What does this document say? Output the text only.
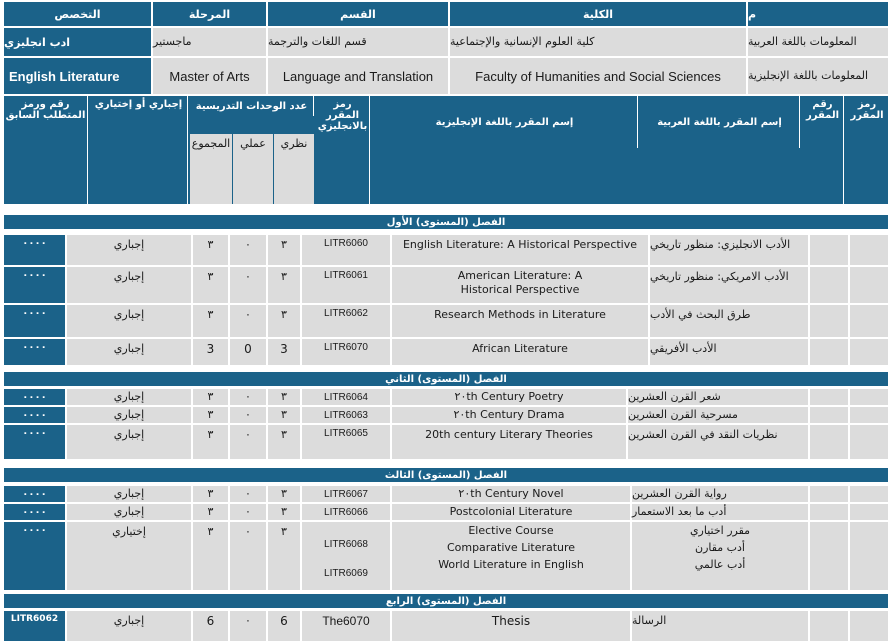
م
الكلية
القسم
المرحلة
التخصص
المعلومات باللغة العربية
كلية العلوم الإنسانية والإجتماعية
قسم اللغات والترجمة
ماجستير
ادب انجليزي
المعلومات باللغة الإنجليزية
Faculty of Humanities and Social Sciences
Language and Translation
Master of Arts
English Literature
رمز المقرر
رقم المقرر
إسم المقرر باللغة العربية
إسم المقرر باللغة الإنجليزية
رمز المقرر بالانجليزي
عدد الوحدات التدريسية
نظري
عملي
المجموع
إجباري أو إختياري
رقم ورمز المتطلب السابق
الفصل (المستوى) الأول
الأدب الانجليزي: منظور تاريخي
English Literature: A Historical Perspective
LITR6060
٣
٠
٣
إجباري
٠٠٠٠
الأدب الامريكي: منظور تاريخي
American Literature: A Historical Perspective
LITR6061
٣
٠
٣
إجباري
٠٠٠٠
طرق البحث في الأدب
Research Methods in Literature
LITR6062
٣
٠
٣
إجباري
٠٠٠٠
الأدب الأفريقي
African Literature
LITR6070
3
0
3
إجباري
٠٠٠٠
الفصل (المستوى) الثاني
شعر القرن العشرين
٢٠th Century Poetry
LITR6064
٣
٠
٣
إجباري
٠٠٠٠
مسرحية القرن العشرين
٢٠th Century Drama
LITR6063
٣
٠
٣
إجباري
٠٠٠٠
نظريات النقد في القرن العشرين
20th century Literary Theories
LITR6065
٣
٠
٣
إجباري
٠٠٠٠
الفصل (المستوى) الثالث
رواية القرن العشرين
٢٠th Century Novel
LITR6067
٣
٠
٣
إجباري
٠٠٠٠
أدب ما بعد الاستعمار
Postcolonial Literature
LITR6066
٣
٠
٣
إجباري
٠٠٠٠
مقرر اختياري
أدب مقارن
أدب عالمي
Elective Course
Comparative Literature
World Literature in English
LITR6068
LITR6069
٣
٠
٣
إختياري
٠٠٠٠
الفصل (المستوى) الرابع
الرسالة
Thesis
The6070
6
٠
6
إجباري
LITR6062
